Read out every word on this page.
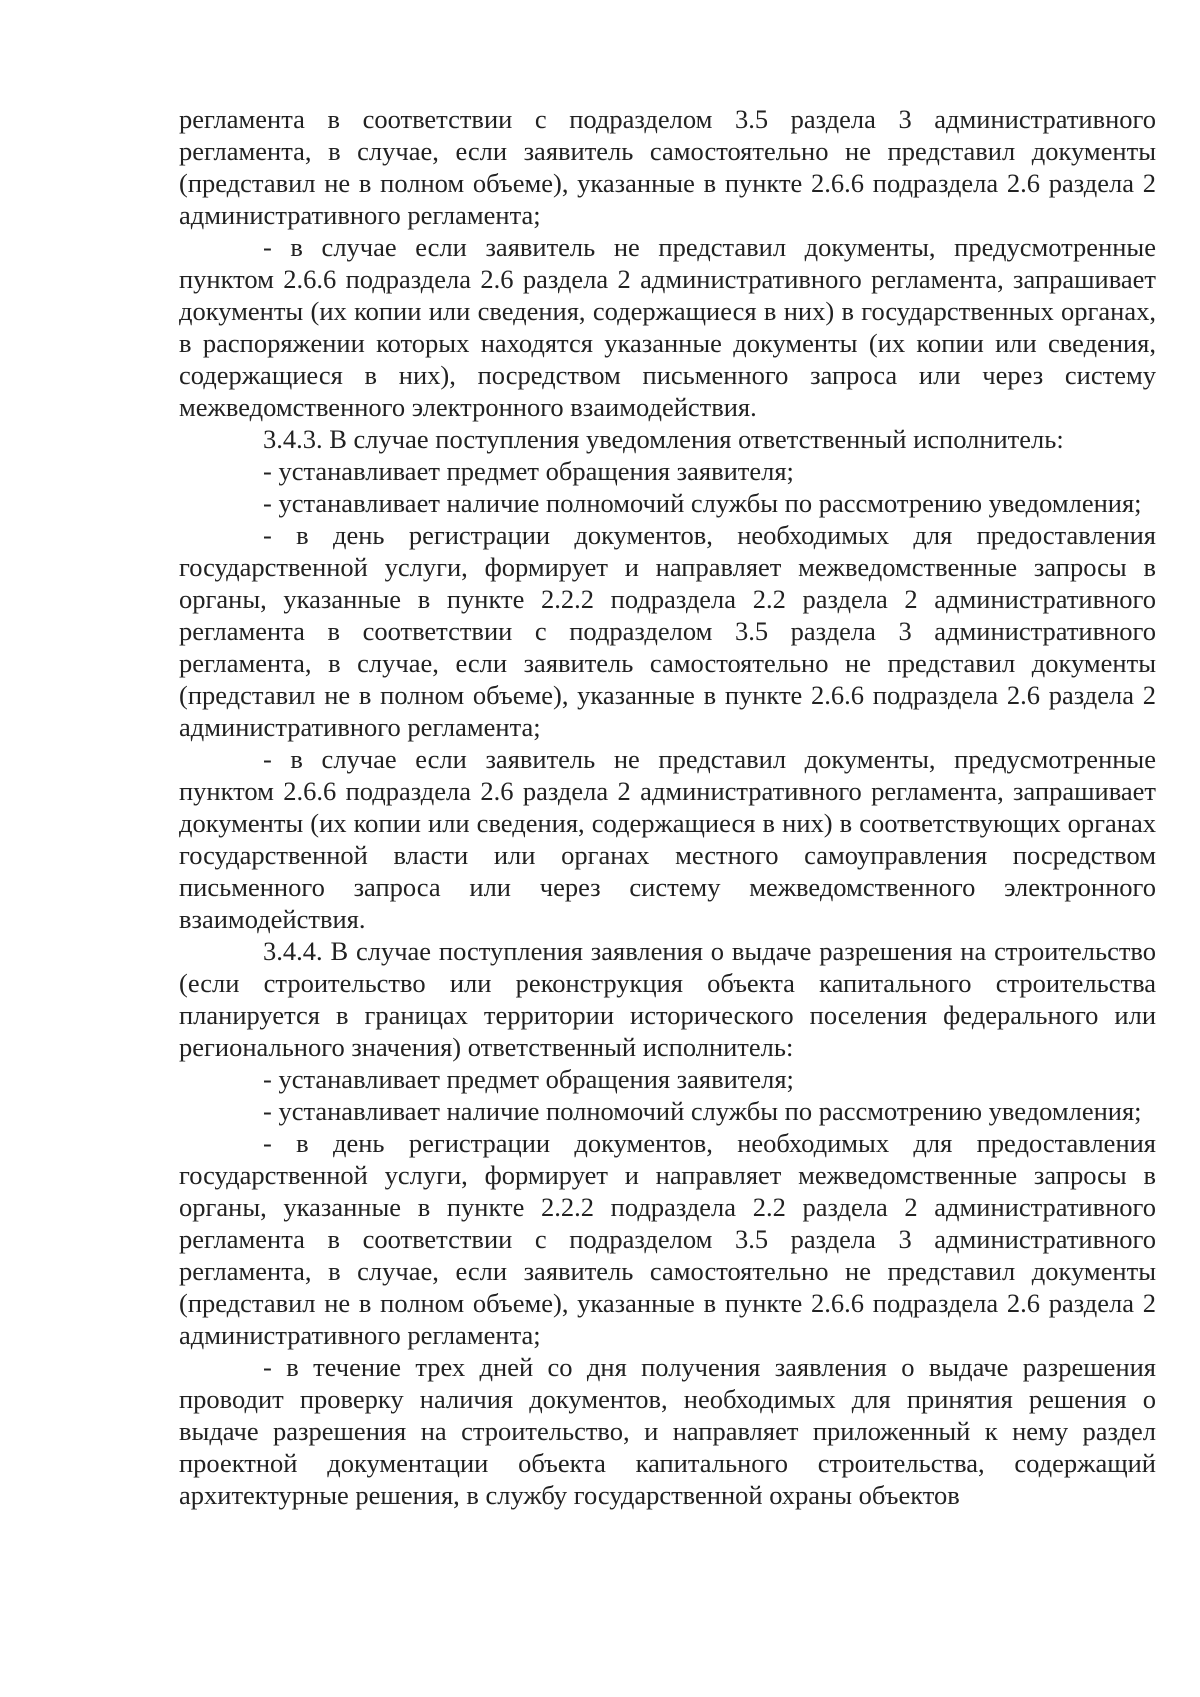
регламента в соответствии с подразделом 3.5 раздела 3 административного регламента, в случае, если заявитель самостоятельно не представил документы (представил не в полном объеме), указанные в пункте 2.6.6 подраздела 2.6 раздела 2 административного регламента;

- в случае если заявитель не представил документы, предусмотренные пунктом 2.6.6 подраздела 2.6 раздела 2 административного регламента, запрашивает документы (их копии или сведения, содержащиеся в них) в государственных органах, в распоряжении которых находятся указанные документы (их копии или сведения, содержащиеся в них), посредством письменного запроса или через систему межведомственного электронного взаимодействия.

3.4.3. В случае поступления уведомления ответственный исполнитель:

- устанавливает предмет обращения заявителя;

- устанавливает наличие полномочий службы по рассмотрению уведомления;

- в день регистрации документов, необходимых для предоставления государственной услуги, формирует и направляет межведомственные запросы в органы, указанные в пункте 2.2.2 подраздела 2.2 раздела 2 административного регламента в соответствии с подразделом 3.5 раздела 3 административного регламента, в случае, если заявитель самостоятельно не представил документы (представил не в полном объеме), указанные в пункте 2.6.6 подраздела 2.6 раздела 2 административного регламента;

- в случае если заявитель не представил документы, предусмотренные пунктом 2.6.6 подраздела 2.6 раздела 2 административного регламента, запрашивает документы (их копии или сведения, содержащиеся в них) в соответствующих органах государственной власти или органах местного самоуправления посредством письменного запроса или через систему межведомственного электронного взаимодействия.

3.4.4. В случае поступления заявления о выдаче разрешения на строительство (если строительство или реконструкция объекта капитального строительства планируется в границах территории исторического поселения федерального или регионального значения) ответственный исполнитель:

- устанавливает предмет обращения заявителя;

- устанавливает наличие полномочий службы по рассмотрению уведомления;

- в день регистрации документов, необходимых для предоставления государственной услуги, формирует и направляет межведомственные запросы в органы, указанные в пункте 2.2.2 подраздела 2.2 раздела 2 административного регламента в соответствии с подразделом 3.5 раздела 3 административного регламента, в случае, если заявитель самостоятельно не представил документы (представил не в полном объеме), указанные в пункте 2.6.6 подраздела 2.6 раздела 2 административного регламента;

- в течение трех дней со дня получения заявления о выдаче разрешения проводит проверку наличия документов, необходимых для принятия решения о выдаче разрешения на строительство, и направляет приложенный к нему раздел проектной документации объекта капитального строительства, содержащий архитектурные решения, в службу государственной охраны объектов
